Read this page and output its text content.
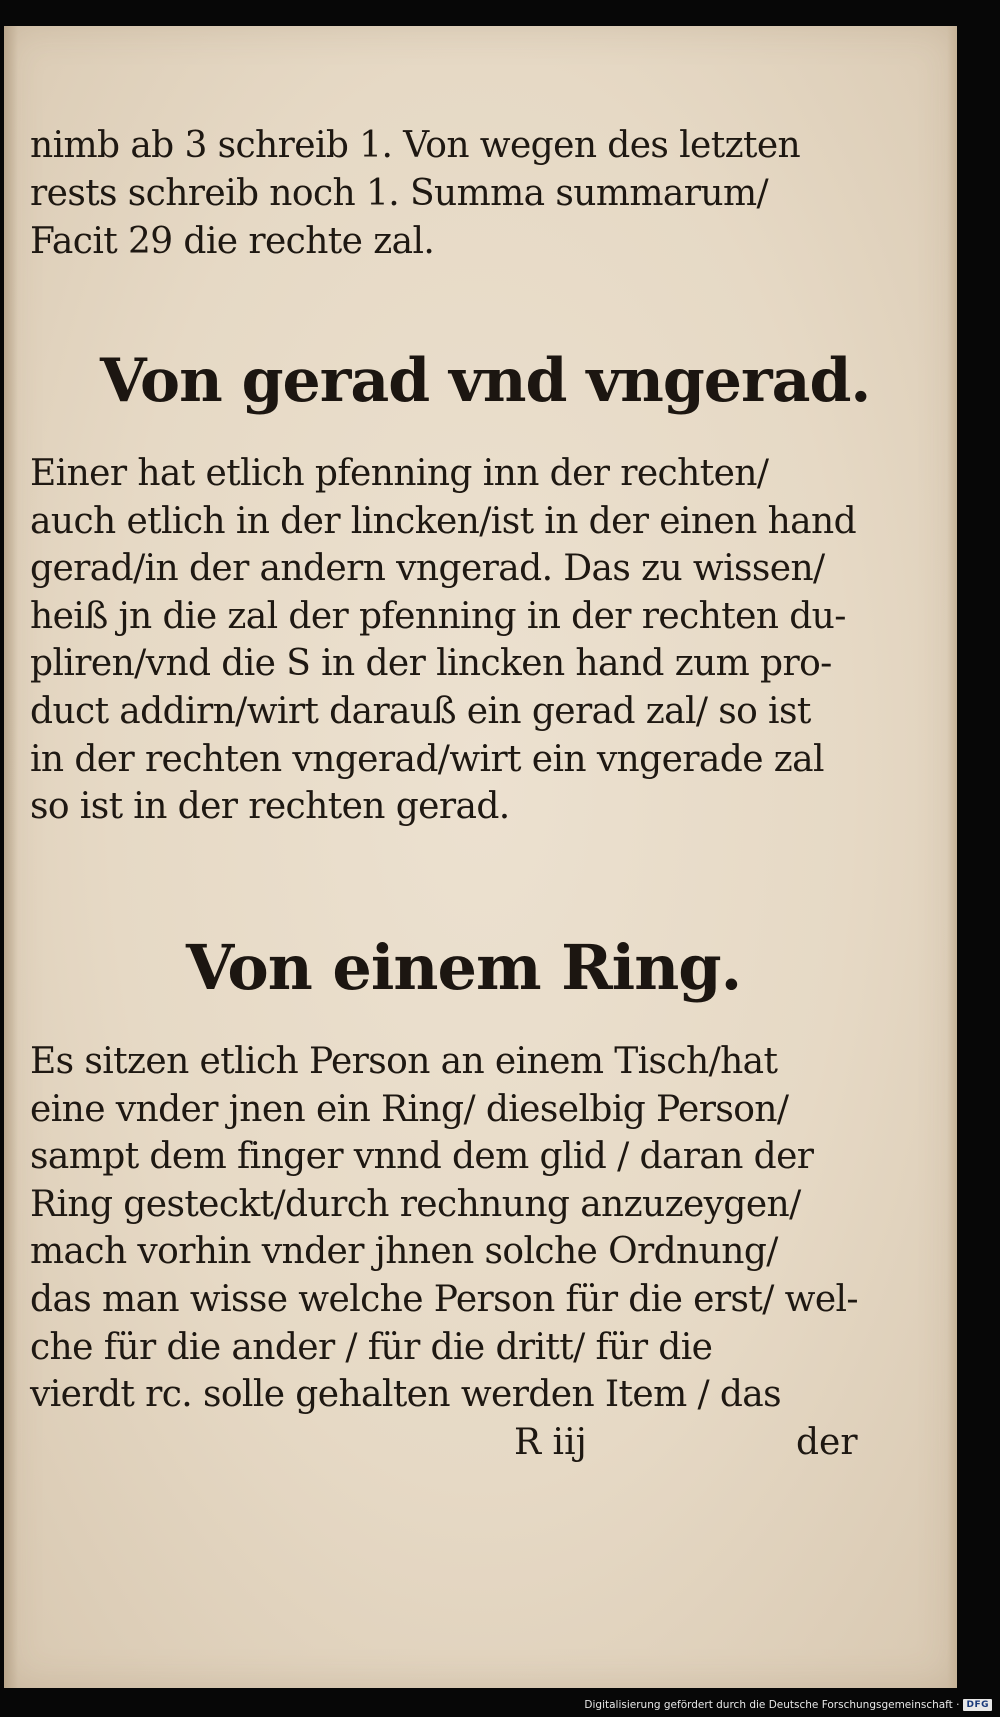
nimb ab 3 schreib 1. Von wegen des letzten
rests schreib noch 1. Summa summarum/
Facit 29 die rechte zal.
Von gerad vnd vngerad.
Einer hat etlich pfenning inn der rechten/
auch etlich in der lincken/ist in der einen hand
gerad/in der andern vngerad. Das zu wissen/
heiß jn die zal der pfenning in der rechten du-
pliren/vnd die S in der lincken hand zum pro-
duct addirn/wirt darauß ein gerad zal/ so ist
in der rechten vngerad/wirt ein vngerade zal
so ist in der rechten gerad.
Von einem Ring.
Es sitzen etlich Person an einem Tisch/hat
eine vnder jnen ein Ring/ dieselbig Person/
sampt dem finger vnnd dem glid / daran der
Ring gesteckt/durch rechnung anzuzeygen/
mach vorhin vnder jhnen solche Ordnung/
das man wisse welche Person für die erst/ wel-
che für die ander / für die dritt/ für die
vierdt rc. solle gehalten werden Item / das
R iij	der
Digitalisierung gefördert durch die Deutsche Forschungsgemeinschaft · DFG
